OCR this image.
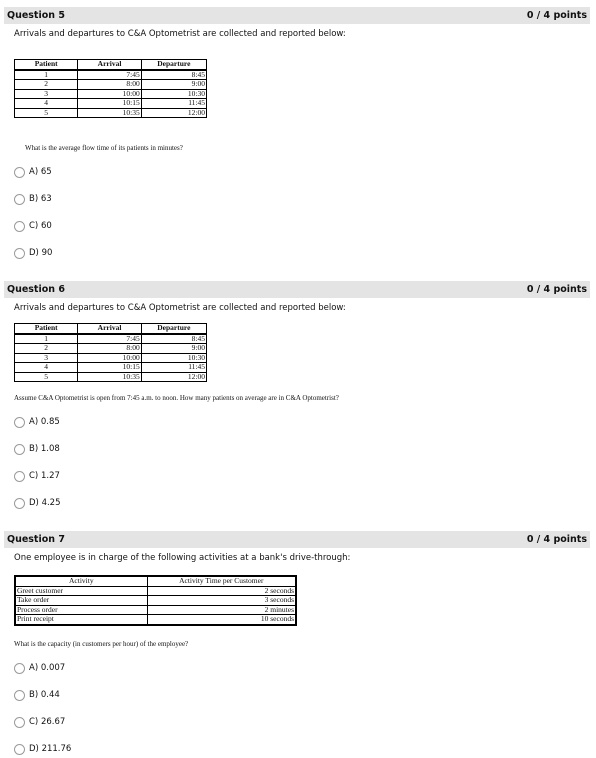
Question 5	0 / 4 points
Arrivals and departures to C&A Optometrist are collected and reported below:
Patient	Arrival	Departure
1	7:45	8:45
2	8:00	9:00
3	10:00	10:30
4	10:15	11:45
5	10:35	12:00
What is the average flow time of its patients in minutes?
A) 65
B) 63
C) 60
D) 90
Question 6	0 / 4 points
Arrivals and departures to C&A Optometrist are collected and reported below:
Patient	Arrival	Departure
1	7:45	8:45
2	8:00	9:00
3	10:00	10:30
4	10:15	11:45
5	10:35	12:00
Assume C&A Optometrist is open from 7:45 a.m. to noon. How many patients on average are in C&A Optometrist?
A) 0.85
B) 1.08
C) 1.27
D) 4.25
Question 7	0 / 4 points
One employee is in charge of the following activities at a bank's drive-through:
Activity	Activity Time per Customer
Greet customer	2 seconds
Take order	3 seconds
Process order	2 minutes
Print receipt	10 seconds
What is the capacity (in customers per hour) of the employee?
A) 0.007
B) 0.44
C) 26.67
D) 211.76
